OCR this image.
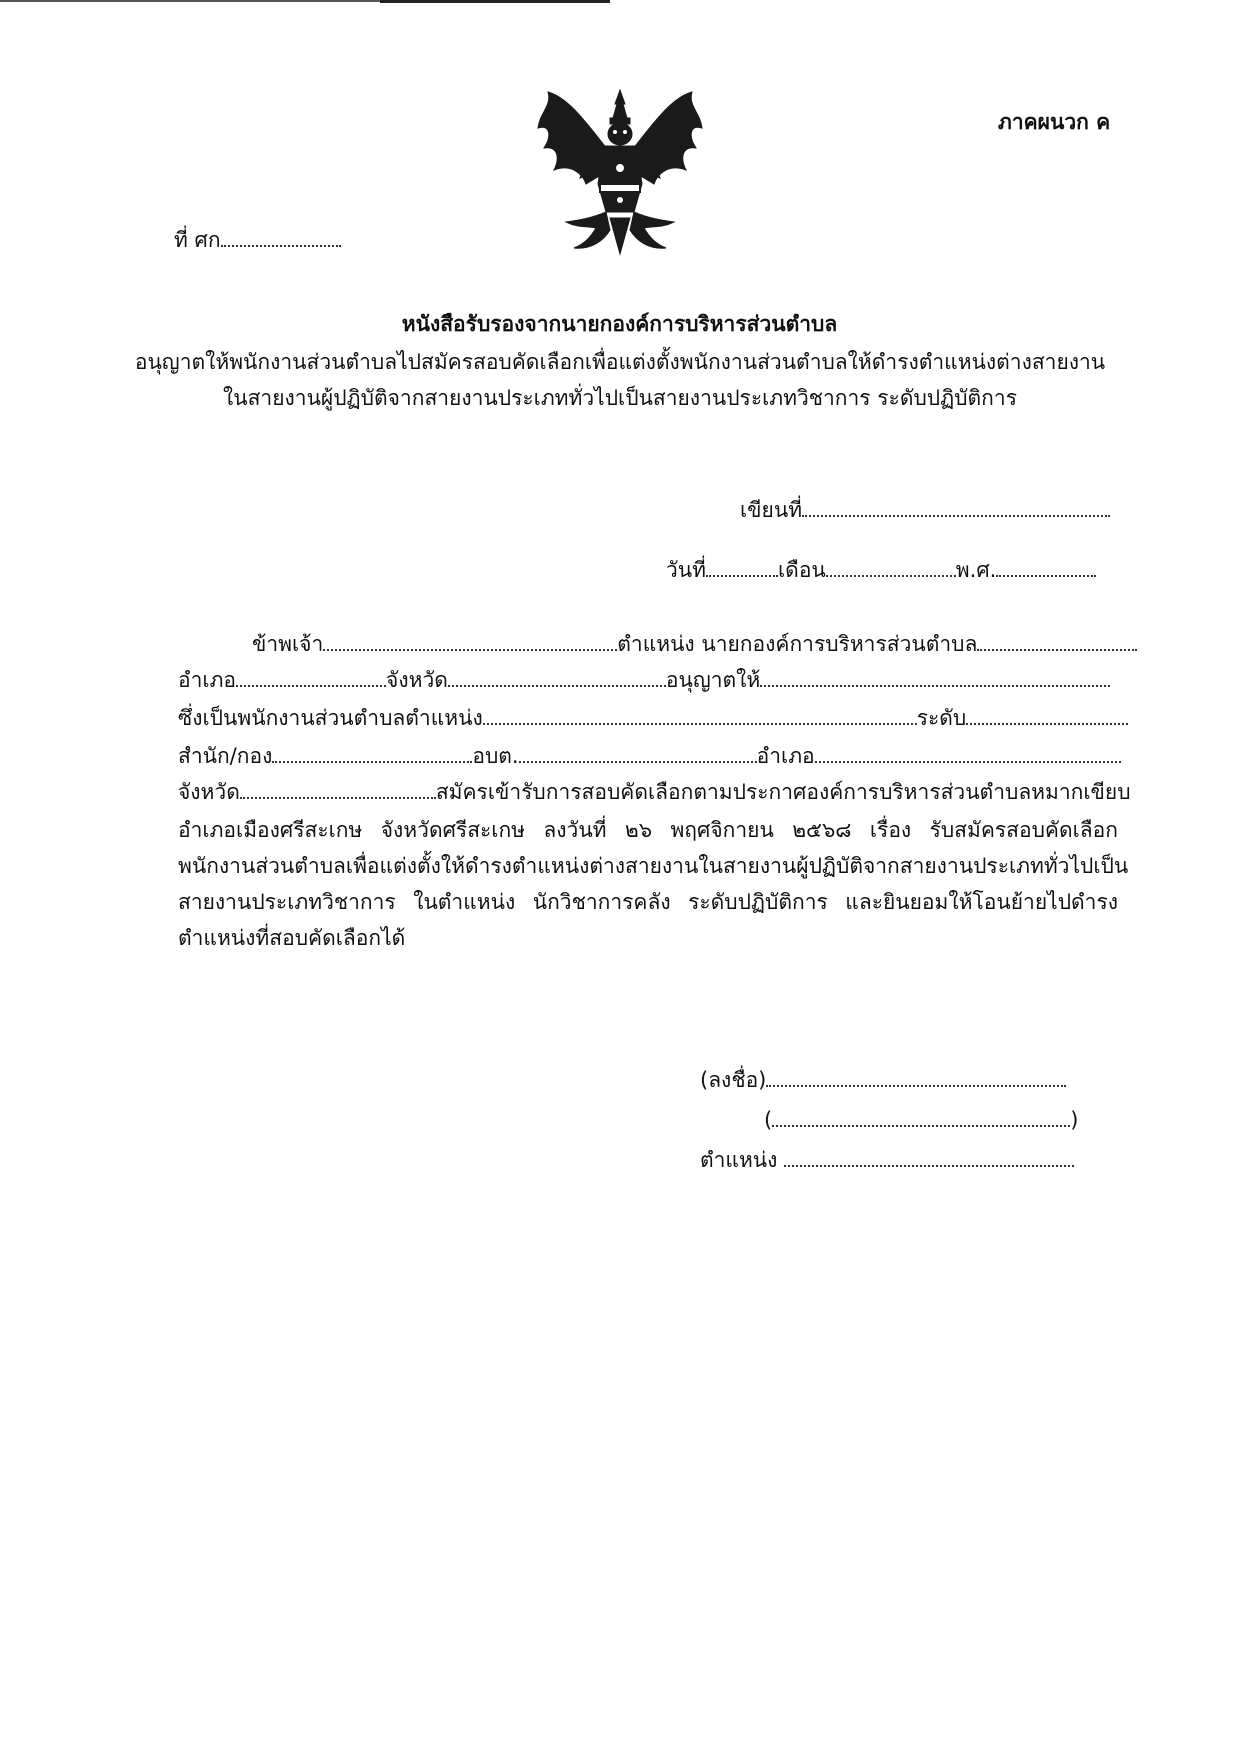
ภาคผนวก ค
ที่ ศก
หนังสือรับรองจากนายกองค์การบริหารส่วนตำบล
อนุญาตให้พนักงานส่วนตำบลไปสมัครสอบคัดเลือกเพื่อแต่งตั้งพนักงานส่วนตำบลให้ดำรงตำแหน่งต่างสายงาน
ในสายงานผู้ปฏิบัติจากสายงานประเภททั่วไปเป็นสายงานประเภทวิชาการ ระดับปฏิบัติการ
เขียนที่
วันที่	เดือน	พ.ศ.
ข้าพเจ้า	ตำแหน่ง นายกองค์การบริหารส่วนตำบล
อำเภอ	จังหวัด	อนุญาตให้
ซึ่งเป็นพนักงานส่วนตำบลตำแหน่ง	ระดับ
สำนัก/กอง	อบต.	อำเภอ
จังหวัด	สมัครเข้ารับการสอบคัดเลือกตามประกาศองค์การบริหารส่วนตำบลหมากเขียบ
อำเภอเมืองศรีสะเกษ จังหวัดศรีสะเกษ ลงวันที่ ๒๖ พฤศจิกายน ๒๕๖๘ เรื่อง รับสมัครสอบคัดเลือก
พนักงานส่วนตำบลเพื่อแต่งตั้งให้ดำรงตำแหน่งต่างสายงานในสายงานผู้ปฏิบัติจากสายงานประเภททั่วไปเป็น
สายงานประเภทวิชาการ ในตำแหน่ง นักวิชาการคลัง ระดับปฏิบัติการ และยินยอมให้โอนย้ายไปดำรง
ตำแหน่งที่สอบคัดเลือกได้
(ลงชื่อ)
(	)
ตำแหน่ง
